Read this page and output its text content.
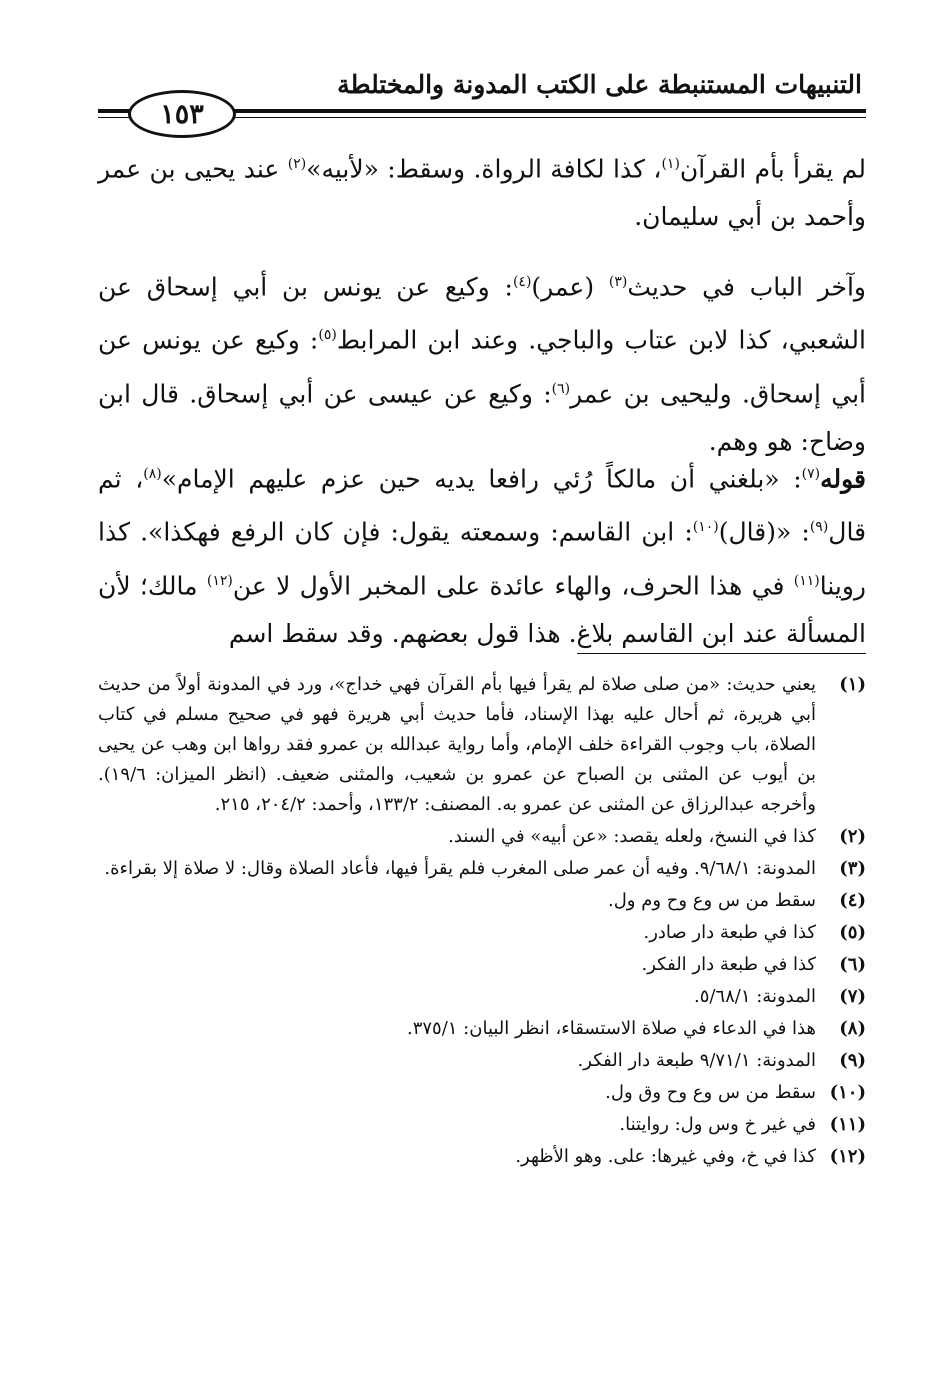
التنبيهات المستنبطة على الكتب المدونة والمختلطة
١٥٣
لم يقرأ بأم القرآن$^{(١)}$، كذا لكافة الرواة. وسقط: «لأبيه»$^{(٢)}$ عند يحيى بن عمر وأحمد بن أبي سليمان.
وآخر الباب في حديث$^{(٣)}$ (عمر)$^{(٤)}$: وكيع عن يونس بن أبي إسحاق عن الشعبي، كذا لابن عتاب والباجي. وعند ابن المرابط$^{(٥)}$: وكيع عن يونس عن أبي إسحاق. وليحيى بن عمر$^{(٦)}$: وكيع عن عيسى عن أبي إسحاق. قال ابن وضاح: هو وهم.
قوله$^{(٧)}$: «بلغني أن مالكاً رُئي رافعا يديه حين عزم عليهم الإمام»$^{(٨)}$، ثم قال$^{(٩)}$: «(قال)$^{(١٠)}$: ابن القاسم: وسمعته يقول: فإن كان الرفع فهكذا». كذا روينا$^{(١١)}$ في هذا الحرف، والهاء عائدة على المخبر الأول لا عن$^{(١٢)}$ مالك؛ لأن المسألة عند ابن القاسم بلاغ. هذا قول بعضهم. وقد سقط اسم
(١)
يعني حديث: «من صلى صلاة لم يقرأ فيها بأم القرآن فهي خداج»، ورد في المدونة أولاً من حديث أبي هريرة، ثم أحال عليه بهذا الإسناد، فأما حديث أبي هريرة فهو في صحيح مسلم في كتاب الصلاة، باب وجوب القراءة خلف الإمام، وأما رواية عبدالله بن عمرو فقد رواها ابن وهب عن يحيى بن أيوب عن المثنى بن الصباح عن عمرو بن شعيب، والمثنى ضعيف. (انظر الميزان: ١٩/٦). وأخرجه عبدالرزاق عن المثنى عن عمرو به. المصنف: ١٣٣/٢، وأحمد: ٢٠٤/٢، ٢١٥.
(٢)
كذا في النسخ، ولعله يقصد: «عن أبيه» في السند.
(٣)
المدونة: ٩/٦٨/١. وفيه أن عمر صلى المغرب فلم يقرأ فيها، فأعاد الصلاة وقال: لا صلاة إلا بقراءة.
(٤)
سقط من س وع وح وم ول.
(٥)
كذا في طبعة دار صادر.
(٦)
كذا في طبعة دار الفكر.
(٧)
المدونة: ٥/٦٨/١.
(٨)
هذا في الدعاء في صلاة الاستسقاء، انظر البيان: ٣٧٥/١.
(٩)
المدونة: ٩/٧١/١ طبعة دار الفكر.
(١٠)
سقط من س وع وح وق ول.
(١١)
في غير خ وس ول: روايتنا.
(١٢)
كذا في خ، وفي غيرها: على. وهو الأظهر.
